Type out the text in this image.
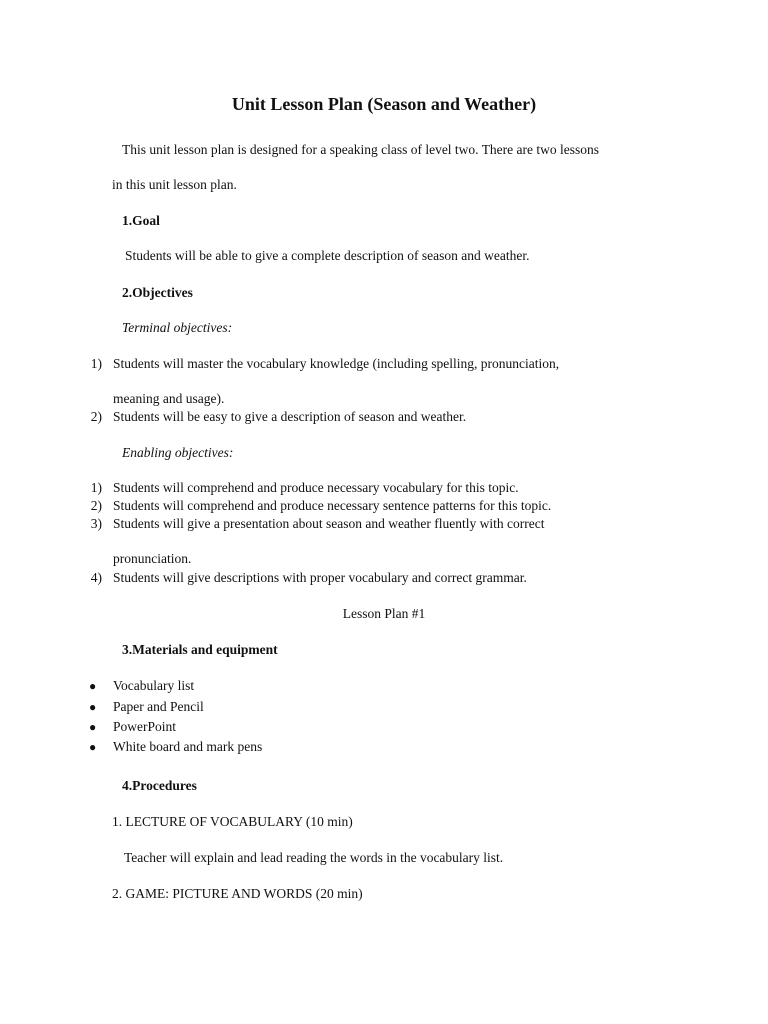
Unit Lesson Plan (Season and Weather)
This unit lesson plan is designed for a speaking class of level two. There are two lessons
in this unit lesson plan.
1.Goal
Students will be able to give a complete description of season and weather.
2.Objectives
Terminal objectives:
1) Students will master the vocabulary knowledge (including spelling, pronunciation,
meaning and usage).
2) Students will be easy to give a description of season and weather.
Enabling objectives:
1) Students will comprehend and produce necessary vocabulary for this topic.
2) Students will comprehend and produce necessary sentence patterns for this topic.
3) Students will give a presentation about season and weather fluently with correct
pronunciation.
4) Students will give descriptions with proper vocabulary and correct grammar.
Lesson Plan #1
3.Materials and equipment
● Vocabulary list
● Paper and Pencil
● PowerPoint
● White board and mark pens
4.Procedures
1. LECTURE OF VOCABULARY (10 min)
Teacher will explain and lead reading the words in the vocabulary list.
2. GAME: PICTURE AND WORDS (20 min)
